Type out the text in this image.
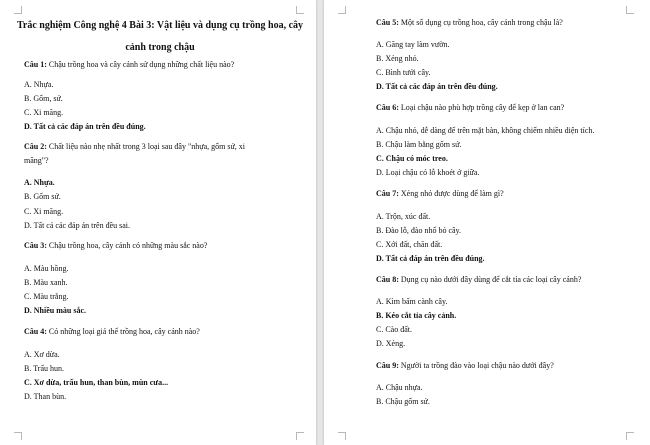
Trắc nghiệm Công nghệ 4 Bài 3: Vật liệu và dụng cụ trồng hoa, cây cảnh trong chậu
Câu 1: Chậu trồng hoa và cây cảnh sử dụng những chất liệu nào?
A. Nhựa.
B. Gốm, sứ.
C. Xi măng.
D. Tất cả các đáp án trên đều đúng.
Câu 2: Chất liệu nào nhẹ nhất trong 3 loại sau đây "nhựa, gốm sứ, xi
măng"?
A. Nhựa.
B. Gốm sứ.
C. Xi măng.
D. Tất cả các đáp án trên đều sai.
Câu 3: Chậu trồng hoa, cây cảnh có những màu sắc nào?
A. Màu hồng.
B. Màu xanh.
C. Màu trắng.
D. Nhiều màu sắc.
Câu 4: Có những loại giá thể trồng hoa, cây cảnh nào?
A. Xơ dừa.
B. Trấu hun.
C. Xơ dừa, trấu hun, than bùn, mùn cưa...
D. Than bùn.
Câu 5: Một số dụng cụ trồng hoa, cây cảnh trong chậu là?
A. Găng tay làm vườn.
B. Xẻng nhỏ.
C. Bình tưới cây.
D. Tất cả các đáp án trên đều đúng.
Câu 6: Loại chậu nào phù hợp trồng cây để kẹp ở lan can?
A. Chậu nhỏ, dễ dàng để trên mặt bàn, không chiếm nhiều diện tích.
B. Chậu làm bằng gốm sứ.
C. Chậu có móc treo.
D. Loại chậu có lỗ khoét ở giữa.
Câu 7: Xẻng nhỏ được dùng để làm gì?
A. Trộn, xúc đất.
B. Đào lỗ, đào nhổ bỏ cây.
C. Xới đất, chăn đất.
D. Tất cả đáp án trên đều đúng.
Câu 8: Dụng cụ nào dưới đây dùng để cắt tỉa các loại cây cảnh?
A. Kìm bấm cành cây.
B. Kéo cắt tỉa cây cảnh.
C. Cào đất.
D. Xẻng.
Câu 9: Người ta trồng đào vào loại chậu nào dưới đây?
A. Chậu nhựa.
B. Chậu gốm sứ.
